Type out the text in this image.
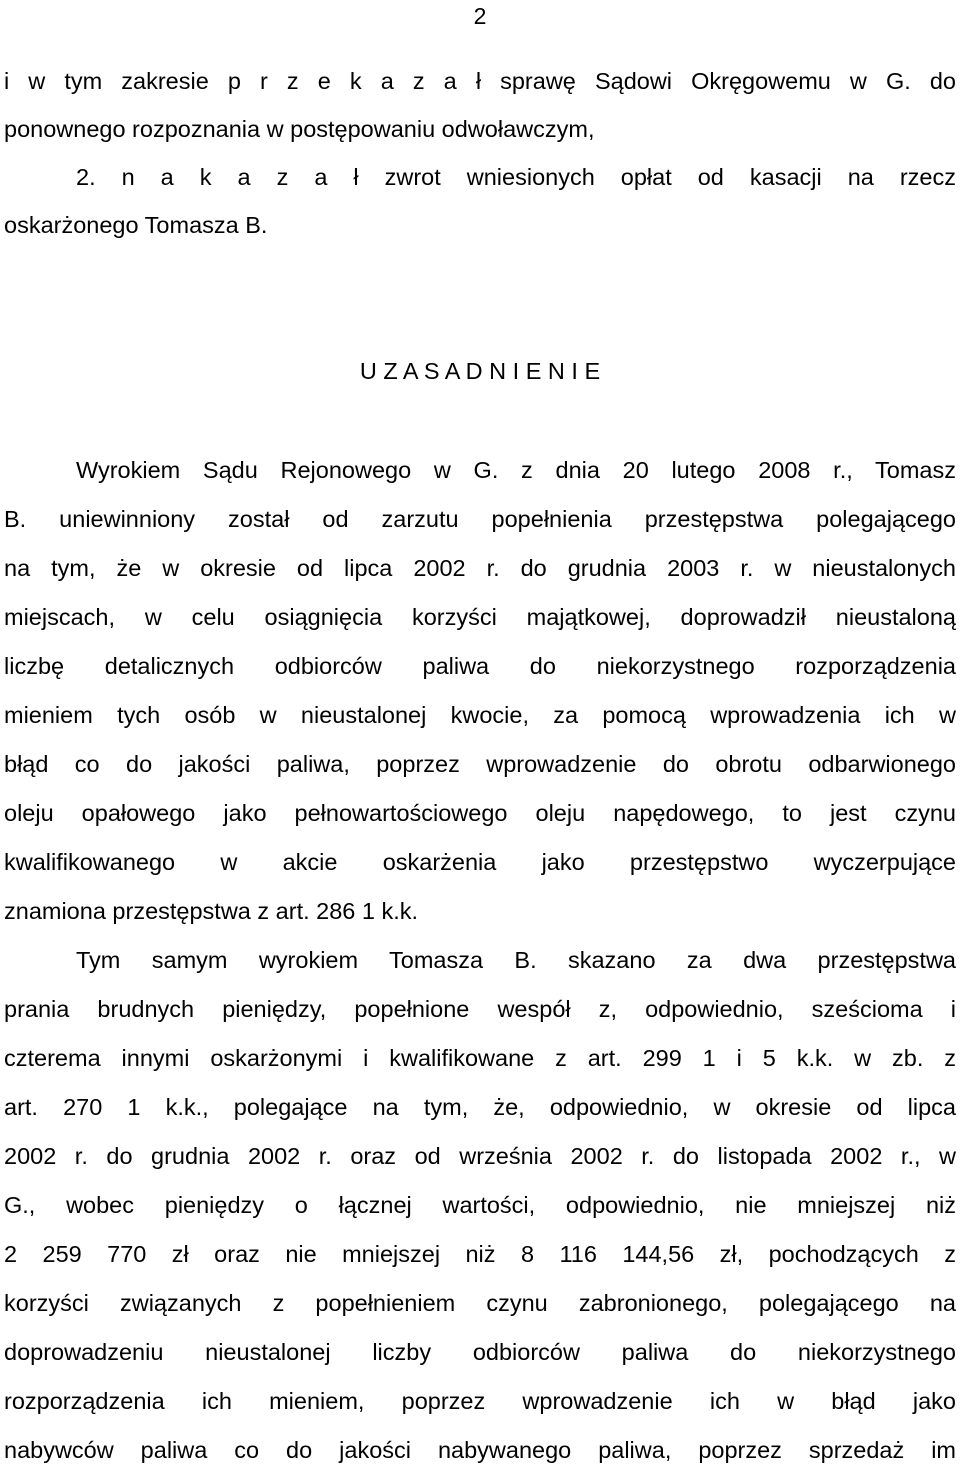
2
i w tym zakresie p r z e k a z a ł sprawę Sądowi Okręgowemu w G. do
ponownego rozpoznania w postępowaniu odwoławczym,
2. n a k a z a ł zwrot wniesionych opłat od kasacji na rzecz
oskarżonego Tomasza B.
U Z A S A D N I E N I E
Wyrokiem Sądu Rejonowego w G. z dnia 20 lutego 2008 r., Tomasz
B. uniewinniony został od zarzutu popełnienia przestępstwa polegającego
na tym, że w okresie od lipca 2002 r. do grudnia 2003 r. w nieustalonych
miejscach, w celu osiągnięcia korzyści majątkowej, doprowadził nieustaloną
liczbę detalicznych odbiorców paliwa do niekorzystnego rozporządzenia
mieniem tych osób w nieustalonej kwocie, za pomocą wprowadzenia ich w
błąd co do jakości paliwa, poprzez wprowadzenie do obrotu odbarwionego
oleju opałowego jako pełnowartościowego oleju napędowego, to jest czynu
kwalifikowanego w akcie oskarżenia jako przestępstwo wyczerpujące
znamiona przestępstwa z art. 286 1 k.k.
Tym samym wyrokiem Tomasza B. skazano za dwa przestępstwa
prania brudnych pieniędzy, popełnione wespół z, odpowiednio, sześcioma i
czterema innymi oskarżonymi i kwalifikowane z art. 299 1 i 5 k.k. w zb. z
art. 270 1 k.k., polegające na tym, że, odpowiednio, w okresie od lipca
2002 r. do grudnia 2002 r. oraz od września 2002 r. do listopada 2002 r., w
G., wobec pieniędzy o łącznej wartości, odpowiednio, nie mniejszej niż
2 259 770 zł oraz nie mniejszej niż 8 116 144,56 zł, pochodzących z
korzyści związanych z popełnieniem czynu zabronionego, polegającego na
doprowadzeniu nieustalonej liczby odbiorców paliwa do niekorzystnego
rozporządzenia ich mieniem, poprzez wprowadzenie ich w błąd jako
nabywców paliwa co do jakości nabywanego paliwa, poprzez sprzedaż im
